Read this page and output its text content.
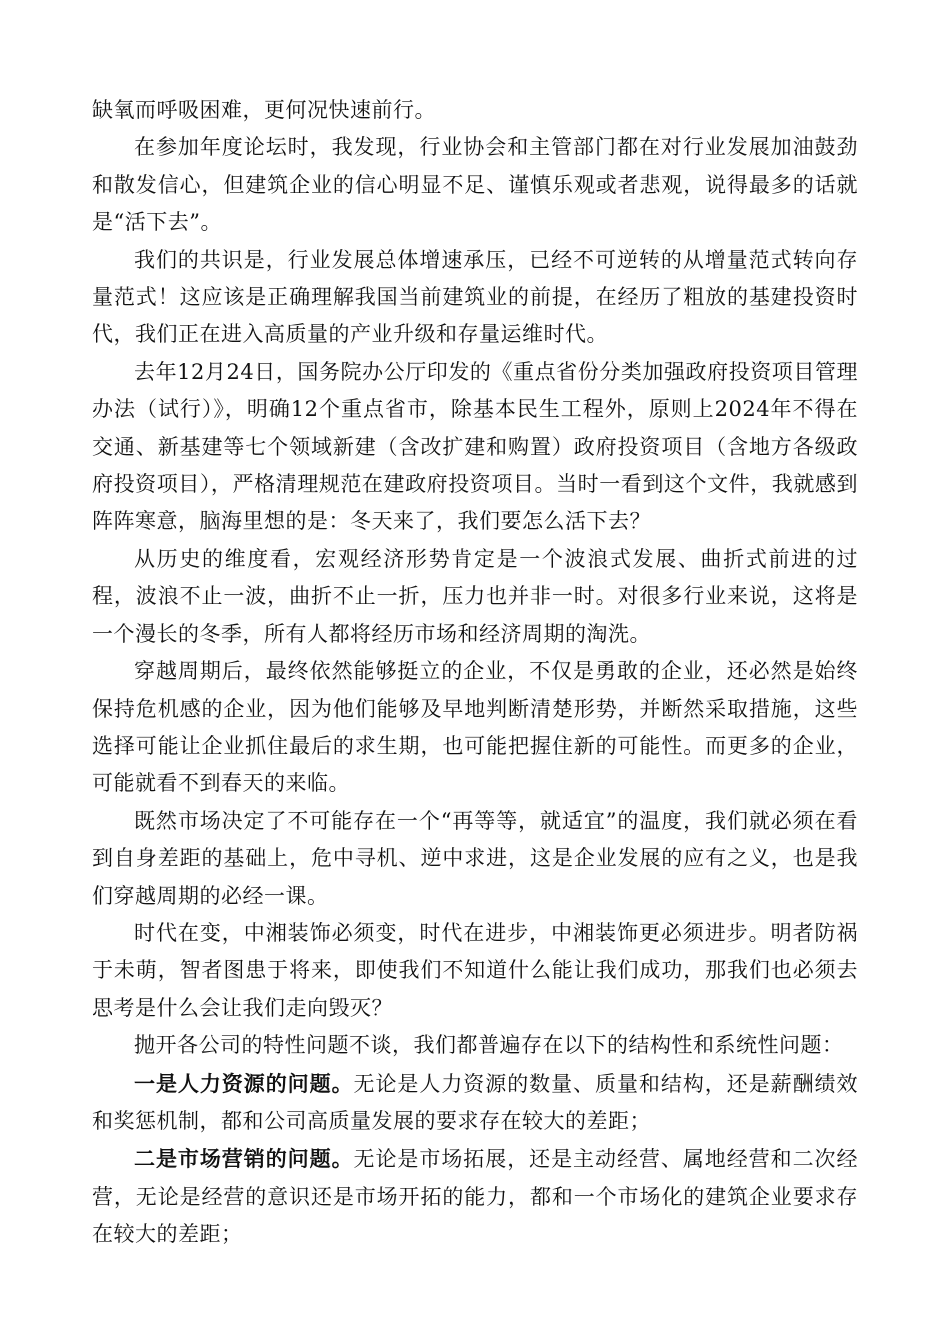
缺氧而呼吸困难，更何况快速前行。

在参加年度论坛时，我发现，行业协会和主管部门都在对行业发展加油鼓劲和散发信心，但建筑企业的信心明显不足、谨慎乐观或者悲观，说得最多的话就是“活下去”。

我们的共识是，行业发展总体增速承压，已经不可逆转的从增量范式转向存量范式！这应该是正确理解我国当前建筑业的前提，在经历了粗放的基建投资时代，我们正在进入高质量的产业升级和存量运维时代。

去年12月24日，国务院办公厅印发的《重点省份分类加强政府投资项目管理办法（试行）》，明确12个重点省市，除基本民生工程外，原则上2024年不得在交通、新基建等七个领域新建（含改扩建和购置）政府投资项目（含地方各级政府投资项目），严格清理规范在建政府投资项目。当时一看到这个文件，我就感到阵阵寒意，脑海里想的是：冬天来了，我们要怎么活下去？

从历史的维度看，宏观经济形势肯定是一个波浪式发展、曲折式前进的过程，波浪不止一波，曲折不止一折，压力也并非一时。对很多行业来说，这将是一个漫长的冬季，所有人都将经历市场和经济周期的淘洗。

穿越周期后，最终依然能够挺立的企业，不仅是勇敢的企业，还必然是始终保持危机感的企业，因为他们能够及早地判断清楚形势，并断然采取措施，这些选择可能让企业抓住最后的求生期，也可能把握住新的可能性。而更多的企业，可能就看不到春天的来临。

既然市场决定了不可能存在一个“再等等，就适宜”的温度，我们就必须在看到自身差距的基础上，危中寻机、逆中求进，这是企业发展的应有之义，也是我们穿越周期的必经一课。

时代在变，中湘装饰必须变，时代在进步，中湘装饰更必须进步。明者防祸于未萌，智者图患于将来，即使我们不知道什么能让我们成功，那我们也必须去思考是什么会让我们走向毁灭？

抛开各公司的特性问题不谈，我们都普遍存在以下的结构性和系统性问题：

一是人力资源的问题。无论是人力资源的数量、质量和结构，还是薪酬绩效和奖惩机制，都和公司高质量发展的要求存在较大的差距；

二是市场营销的问题。无论是市场拓展，还是主动经营、属地经营和二次经营，无论是经营的意识还是市场开拓的能力，都和一个市场化的建筑企业要求存在较大的差距；
